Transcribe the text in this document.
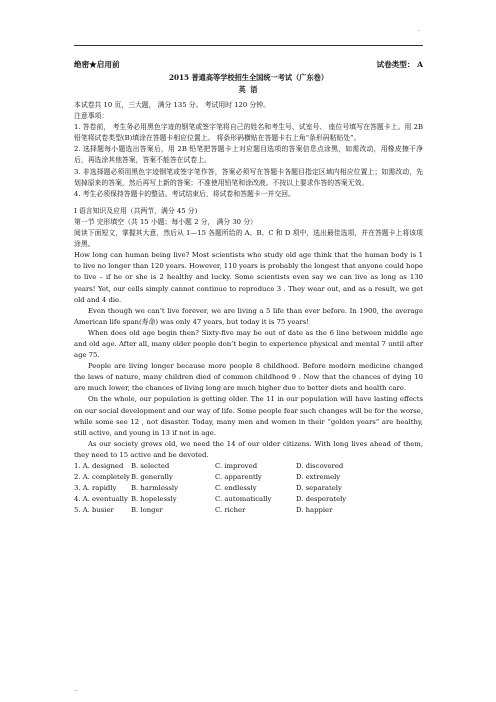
.
绝密★启用前	试卷类型： A
2015 普通高等学校招生全国统一考试（广东卷）
英 语

本试卷共 10 页，三大题， 满分 135 分。 考试用时 120 分钟。

注意事项：

1. 答卷前， 考生务必用黑色字迹的钢笔或签字笔将自己的姓名和考生号、试室号、 座位号填写在答题卡上。用 2B 铅笔将试卷类型(B)填涂在答题卡相应位置上。 将条形码横贴在答题卡右上角“条形码粘贴处”。

2. 选择题每小题选出答案后，用 2B 铅笔把答题卡上对应题目选项的答案信息点涂黑，如需改动，用橡皮擦干净后，再选涂其他答案，答案不能答在试卷上。

3. 非选择题必须用黑色字迹钢笔或签字笔作答，答案必须写在答题卡各题目指定区域内相应位置上；如需改动，先划掉原来的答案，然后再写上新的答案；不准使用铅笔和涂改液。不按以上要求作答的答案无效。

4. 考生必须保持答题卡的整洁。考试结束后，将试卷和答题卡一并交回。

Ⅰ 语言知识及应用（共两节，满分 45 分)

第一节 完形填空（共 15 小题；每小题 2 分， 满分 30 分）

阅读下面短文，掌握其大意，然后从 1—15 各题所给的 A、B、C 和 D 项中，选出最佳选项，并在答题卡上将该项涂黑。

How long can human being live? Most scientists who study old age think that the human body is 1 to live no longer than 120 years. However, 110 years is probably the longest that anyone could hope to live – if he or she is 2 healthy and lucky. Some scientists even say we can live as long as 130 years! Yet, our cells simply cannot continue to reproduce 3 . They wear out, and as a result, we get old and 4 die.

Even though we can’t live forever, we are living a 5 life than ever before. In 1900, the average American life span(寿命) was only 47 years, but today it is 75 years!

When does old age begin then? Sixty-five may be out of date as the 6 line between middle age and old age. After all, many older people don’t begin to experience physical and mental 7 until after age 75.

People are living longer because more people 8 childhood. Before modern medicine changed the laws of nature, many children died of common childhood 9 . Now that the chances of dying 10 are much lower, the chances of living long are much higher due to better diets and health care.

On the whole, our population is getting older. The 11 in our population will have lasting effects on our social development and our way of life. Some people fear such changes will be for the worse, while some see 12 , not disaster. Today, many men and women in their “golden years” are healthy, still active, and young in 13 if not in age.

As our society grows old, we need the 14 of our older citizens. With long lives ahead of them, they need to 15 active and be devoted.

1. A. designed B. selected	C. improved	D. discovered
2. A. completely B. generally	C. apparently	D. extremely
3. A. rapidly B. harmlessly	C. endlessly	D. separately
4. A. eventually B. hopelessly	C. automatically	D. desperately
5. A. busier	B. longer	C. richer	D. happier
..
